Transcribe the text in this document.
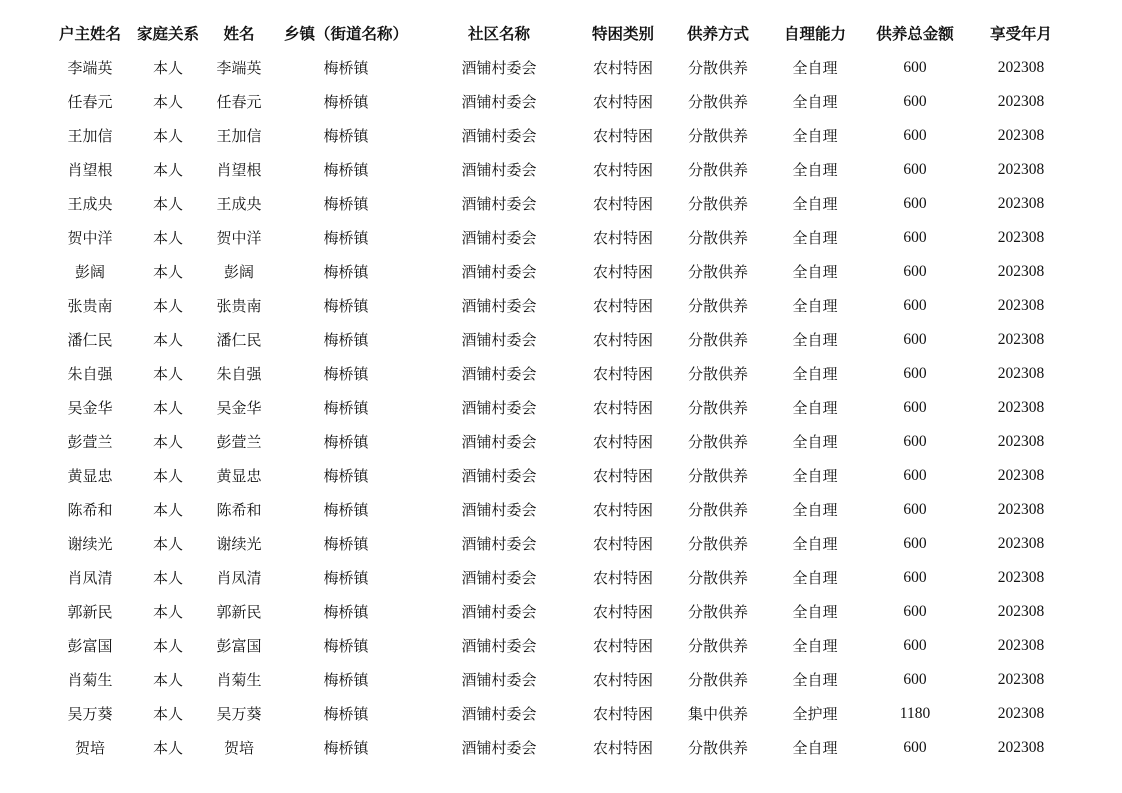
户主姓名	家庭关系	姓名	乡镇（街道名称）	社区名称	特困类别	供养方式	自理能力	供养总金额	享受年月
李端英	本人	李端英	梅桥镇	酒铺村委会	农村特困	分散供养	全自理	600	202308
任春元	本人	任春元	梅桥镇	酒铺村委会	农村特困	分散供养	全自理	600	202308
王加信	本人	王加信	梅桥镇	酒铺村委会	农村特困	分散供养	全自理	600	202308
肖望根	本人	肖望根	梅桥镇	酒铺村委会	农村特困	分散供养	全自理	600	202308
王成央	本人	王成央	梅桥镇	酒铺村委会	农村特困	分散供养	全自理	600	202308
贺中洋	本人	贺中洋	梅桥镇	酒铺村委会	农村特困	分散供养	全自理	600	202308
彭阔	本人	彭阔	梅桥镇	酒铺村委会	农村特困	分散供养	全自理	600	202308
张贵南	本人	张贵南	梅桥镇	酒铺村委会	农村特困	分散供养	全自理	600	202308
潘仁民	本人	潘仁民	梅桥镇	酒铺村委会	农村特困	分散供养	全自理	600	202308
朱自强	本人	朱自强	梅桥镇	酒铺村委会	农村特困	分散供养	全自理	600	202308
吴金华	本人	吴金华	梅桥镇	酒铺村委会	农村特困	分散供养	全自理	600	202308
彭萱兰	本人	彭萱兰	梅桥镇	酒铺村委会	农村特困	分散供养	全自理	600	202308
黄显忠	本人	黄显忠	梅桥镇	酒铺村委会	农村特困	分散供养	全自理	600	202308
陈希和	本人	陈希和	梅桥镇	酒铺村委会	农村特困	分散供养	全自理	600	202308
谢续光	本人	谢续光	梅桥镇	酒铺村委会	农村特困	分散供养	全自理	600	202308
肖凤清	本人	肖凤清	梅桥镇	酒铺村委会	农村特困	分散供养	全自理	600	202308
郭新民	本人	郭新民	梅桥镇	酒铺村委会	农村特困	分散供养	全自理	600	202308
彭富国	本人	彭富国	梅桥镇	酒铺村委会	农村特困	分散供养	全自理	600	202308
肖菊生	本人	肖菊生	梅桥镇	酒铺村委会	农村特困	分散供养	全自理	600	202308
吴万葵	本人	吴万葵	梅桥镇	酒铺村委会	农村特困	集中供养	全护理	1180	202308
贺培	本人	贺培	梅桥镇	酒铺村委会	农村特困	分散供养	全自理	600	202308
